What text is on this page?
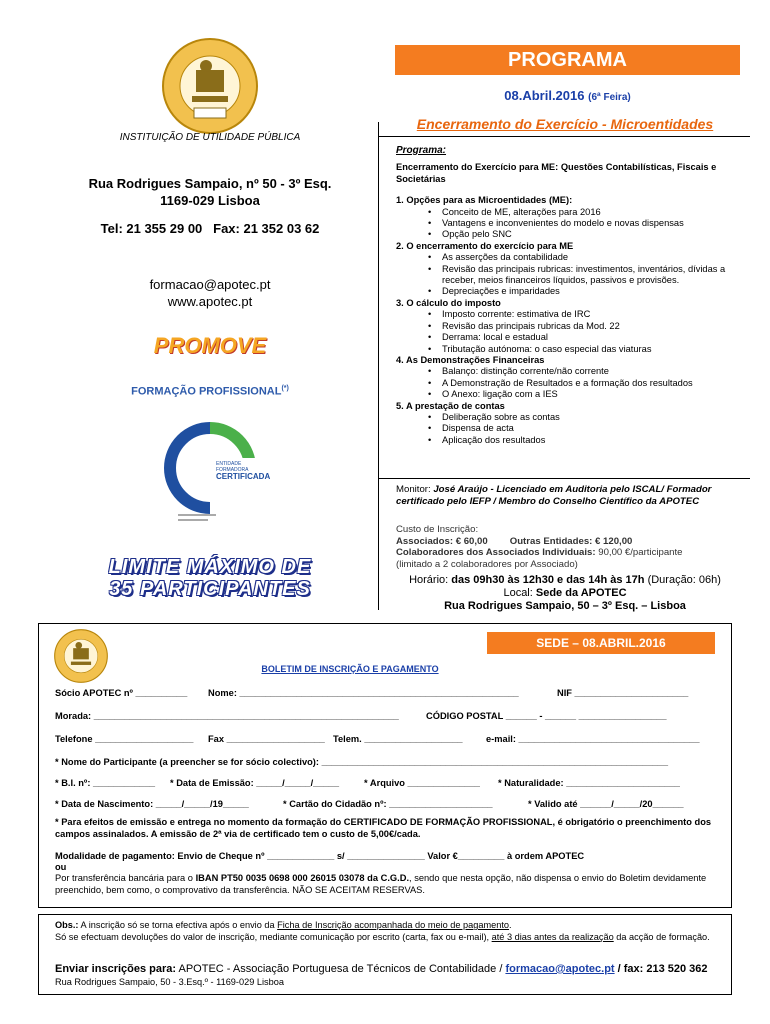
INSTITUIÇÃO DE UTILIDADE PÚBLICA
Rua Rodrigues Sampaio, nº 50 - 3º Esq.
1169-029 Lisboa
Tel: 21 355 29 00   Fax: 21 352 03 62
formacao@apotec.pt
www.apotec.pt
PROMOVE
FORMAÇÃO PROFISSIONAL(*)
ENTIDADE
FORMADORA
CERTIFICADA
LIMITE MÁXIMO DE
35 PARTICIPANTES
PROGRAMA
08.Abril.2016 (6ª Feira)
Encerramento do Exercício - Microentidades
Programa:
Encerramento do Exercício para ME: Questões Contabilísticas, Fiscais e Societárias
1. Opções para as Microentidades (ME):
• Conceito de ME, alterações para 2016
• Vantagens e inconvenientes do modelo e novas dispensas
• Opção pelo SNC
2. O encerramento do exercício para ME
• As asserções da contabilidade
• Revisão das principais rubricas: investimentos, inventários, dívidas a receber, meios financeiros líquidos, passivos e provisões.
• Depreciações e imparidades
3. O cálculo do imposto
• Imposto corrente: estimativa de IRC
• Revisão das principais rubricas da Mod. 22
• Derrama: local e estadual
• Tributação autónoma: o caso especial das viaturas
4. As Demonstrações Financeiras
• Balanço: distinção corrente/não corrente
• A Demonstração de Resultados e a formação dos resultados
• O Anexo: ligação com a IES
5. A prestação de contas
• Deliberação sobre as contas
• Dispensa de acta
• Aplicação dos resultados
Monitor: José Araújo - Licenciado em Auditoria pelo ISCAL/ Formador certificado pelo IEFP / Membro do Conselho Científico da APOTEC
Custo de Inscrição:
Associados: € 60,00 Outras Entidades: € 120,00
Colaboradores dos Associados Individuais: 90,00 €/participante
(limitado a 2 colaboradores por Associado)
Horário: das 09h30 às 12h30 e das 14h às 17h (Duração: 06h)
Local: Sede da APOTEC
Rua Rodrigues Sampaio, 50 – 3º Esq. – Lisboa
SEDE – 08.ABRIL.2016
BOLETIM DE INSCRIÇÃO E PAGAMENTO
Sócio APOTEC nº __________ Nome: ______________________________________________________	NIF ______________________
Morada: ___________________________________________________________	CÓDIGO POSTAL ______ - ______ _________________
Telefone ___________________ Fax ___________________ Telem. ___________________	e-mail: ___________________________________
* Nome do Participante (a preencher se for sócio colectivo): ___________________________________________________________________
* B.I. nº: ____________ * Data de Emissão: _____/_____/_____	* Arquivo ______________ * Naturalidade: ______________________
* Data de Nascimento: _____/_____/19_____	* Cartão do Cidadão nº: ____________________	* Valido até ______/_____/20______
* Para efeitos de emissão e entrega no momento da formação do CERTIFICADO DE FORMAÇÃO PROFISSIONAL, é obrigatório o preenchimento dos campos assinalados. A emissão de 2ª via de certificado tem o custo de 5,00€/cada.
Modalidade de pagamento: Envio de Cheque nº _____________ s/ _______________ Valor €_________ à ordem APOTEC
ou
Por transferência bancária para o IBAN PT50 0035 0698 000 26015 03078 da C.G.D., sendo que nesta opção, não dispensa o envio do Boletim devidamente preenchido, bem como, o comprovativo da transferência. NÃO SE ACEITAM RESERVAS.
Obs.: A inscrição só se torna efectiva após o envio da Ficha de Inscrição acompanhada do meio de pagamento.
Só se efectuam devoluções do valor de inscrição, mediante comunicação por escrito (carta, fax ou e-mail), até 3 dias antes da realização da acção de formação.
Enviar inscrições para: APOTEC - Associação Portuguesa de Técnicos de Contabilidade / formacao@apotec.pt / fax: 213 520 362
Rua Rodrigues Sampaio, 50 - 3.Esq.º - 1169-029 Lisboa
